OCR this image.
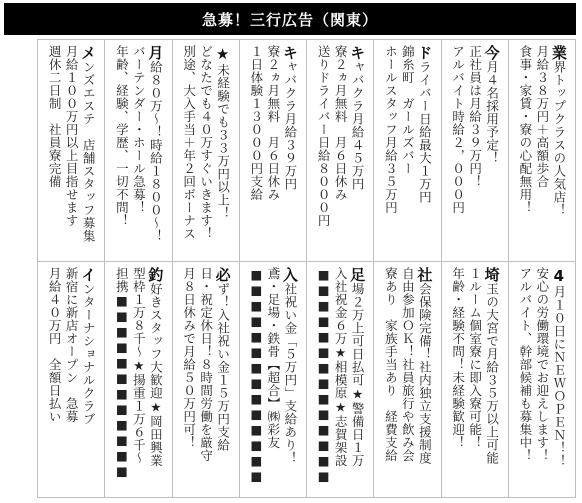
急募！三行広告（関東）
業界トップクラスの人気店！
月給３８万円＋高額歩合
食事・家賃・寮の心配無用！
今月４名採用予定！
正社員は月給３９万円！
アルバイト時給２，０００円
ドライバー日給最大１万円
錦糸町　ガールズバー
ホールスタッフ月給３５万円
キャバクラ月給４５万円
寮２ヵ月無料　月６日休み
送りドライバー日給８０００円
キャバクラ月給３９万円
寮２ヵ月無料　月６日休み
１日体験１３０００円支給
★未経験でも３３万円以上！
どなたでも４０万すぐいきます！
別途、大入手当＋年２回ボーナス
月給８０万〜！時給１８００〜！
バーテンダー・ホール急募！
年齢、経験、学歴、一切不問！
メンズエステ　店舗スタッフ募集
月給１００万円以上目指せます
週休二日制　社員寮完備
4月１０日にＮＥＷＯＰＥＮ！！
安心の労働環境でお迎えします！
アルバイト、幹部候補も募集中！
埼玉の大宮で月給３５万以上可能
１ルーム個室寮に即入寮可能！
年齢・経験不問！未経験歓迎！
社会保険完備！社内独立支援制度
自由参加ＯＫ！社員旅行や飲み会
寮あり　家族手当あり　経費支給
足場２万上可日払可★警備日１万
入社祝金６万★相模原★志賀架設
■■■■■■■■■■■■■■
入社祝い金「５万円」支給あり！
鳶・足場・鉄骨【超合】㈱彩友
■■■■■■■■■■■■■■
必ず！入社祝い金１５万円支給
日・祝定休日！８時間労働を厳守
月８日休みで月給５０万円可！
釣好きスタッフ大歓迎★岡田興業
型枠１万８千〜★揚重１万６千〜
担携■■■■■■■■■■■■
インターナショナルクラブ
新宿に新店オープン　急募
月給４０万円　全額日払い
